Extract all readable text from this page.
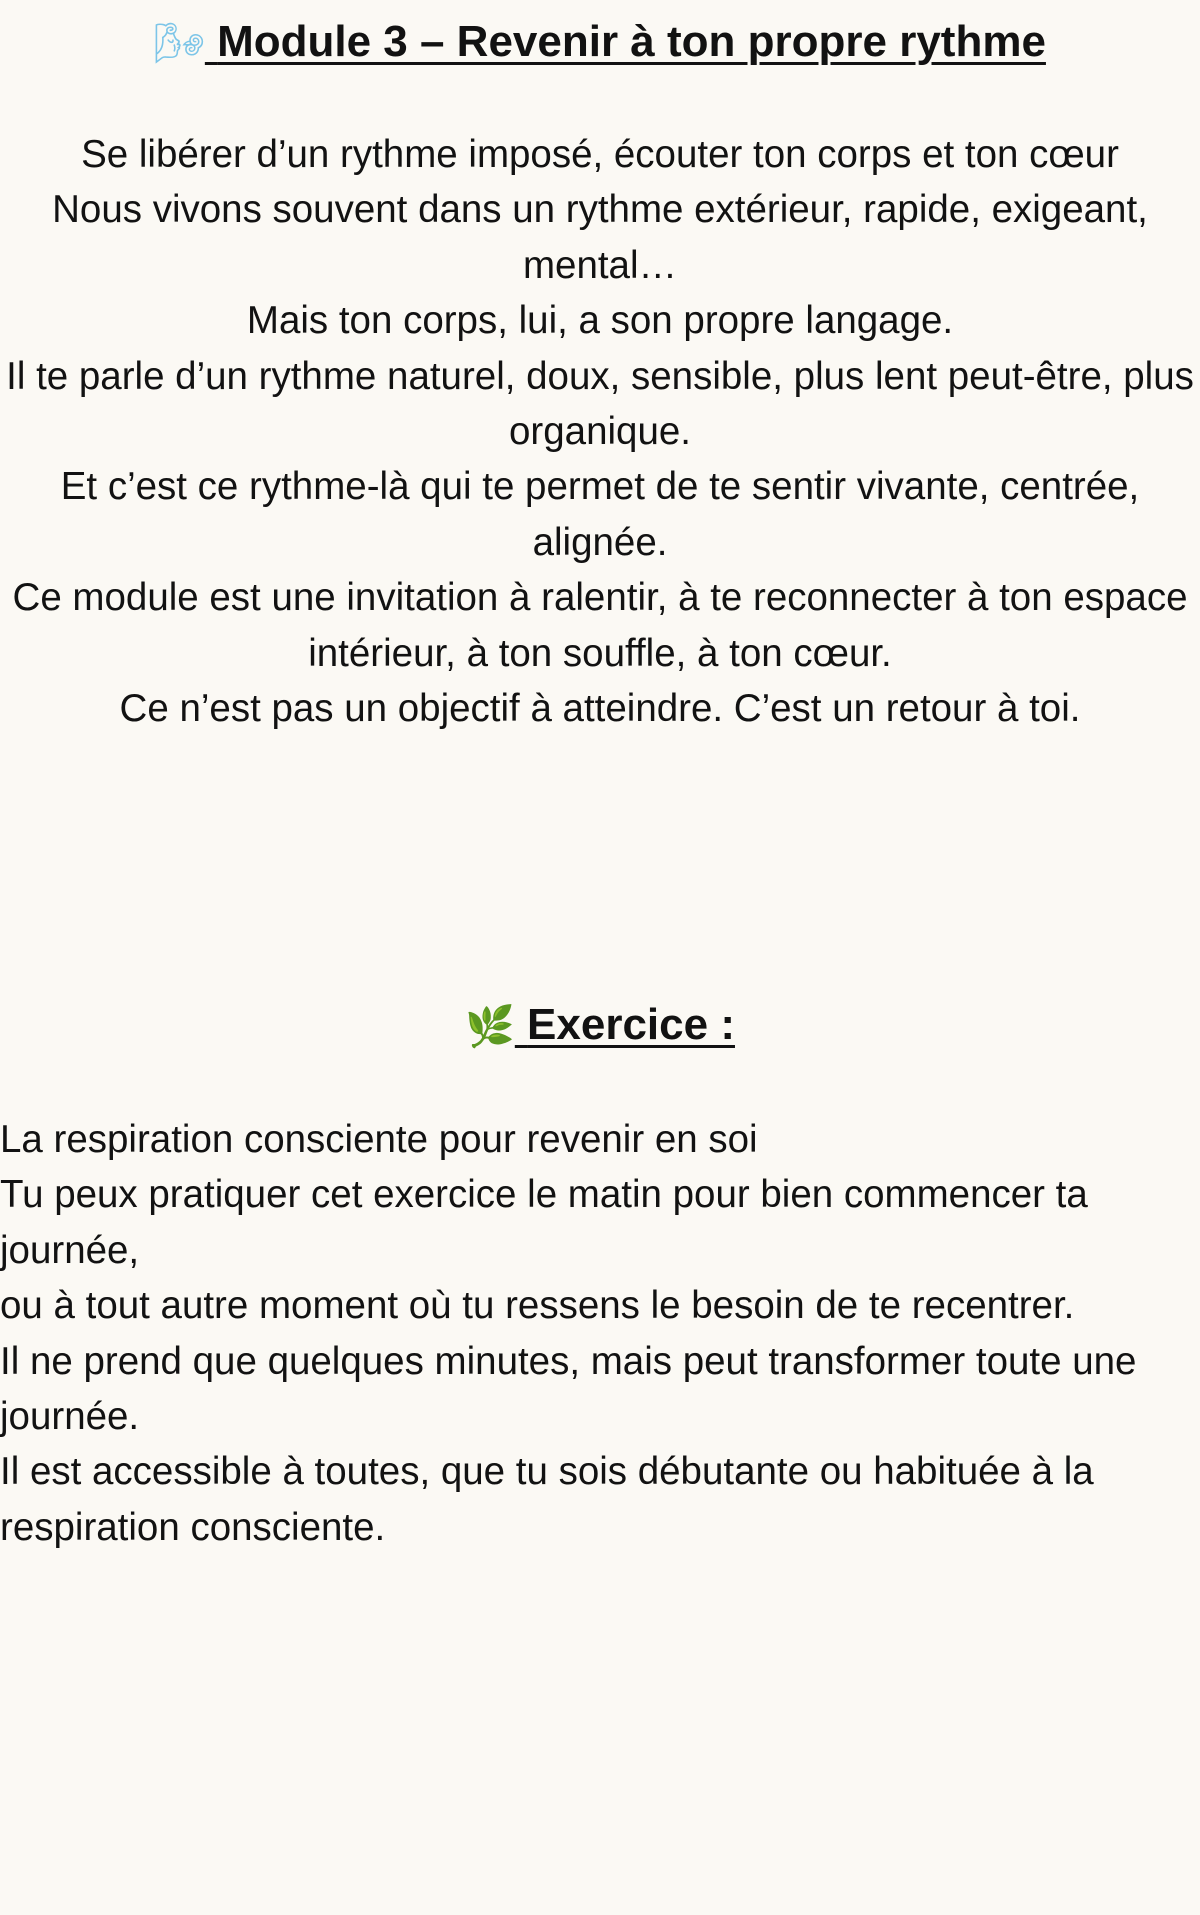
🌬 Module 3 – Revenir à ton propre rythme

Se libérer d’un rythme imposé, écouter ton corps et ton cœur

Nous vivons souvent dans un rythme extérieur, rapide, exigeant, mental…

Mais ton corps, lui, a son propre langage.

Il te parle d’un rythme naturel, doux, sensible, plus lent peut-être, plus organique.

Et c’est ce rythme-là qui te permet de te sentir vivante, centrée, alignée.

Ce module est une invitation à ralentir, à te reconnecter à ton espace intérieur, à ton souffle, à ton cœur.

Ce n’est pas un objectif à atteindre. C’est un retour à toi.

🌿 Exercice :

La respiration consciente pour revenir en soi

Tu peux pratiquer cet exercice le matin pour bien commencer ta journée,

ou à tout autre moment où tu ressens le besoin de te recentrer.

Il ne prend que quelques minutes, mais peut transformer toute une journée.

Il est accessible à toutes, que tu sois débutante ou habituée à la respiration consciente.
